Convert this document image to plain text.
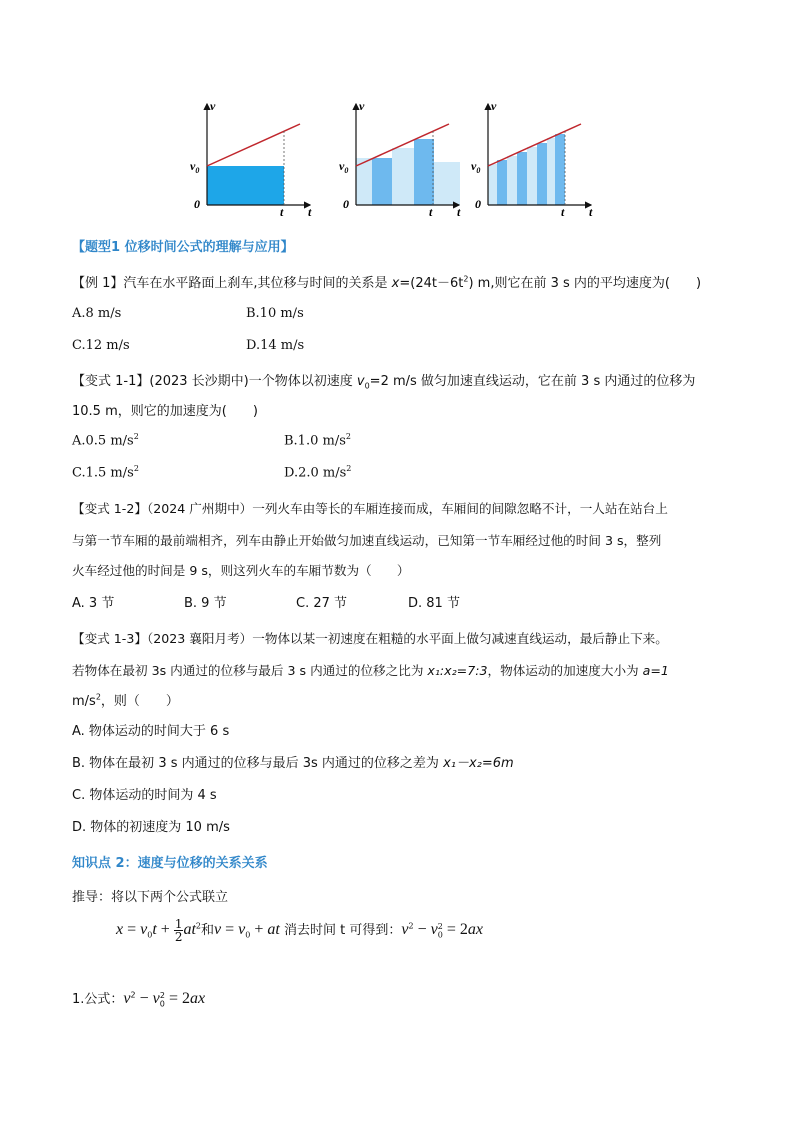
v
$v_0$
0
t t
v
$v_0$
0
t t
v
$v_0$
0
t t
【题型1 位移时间公式的理解与应用】
【例 1】汽车在水平路面上刹车,其位移与时间的关系是 $x=(24t-6t^2)$ m,则它在前 3 s 内的平均速度为(　　)
A.8 m/s	B.10 m/s
C.12 m/s	D.14 m/s
【变式 1-1】(2023 长沙期中)一个物体以初速度 $v_0=2$ m/s 做匀加速直线运动，它在前 3 s 内通过的位移为
10.5 m，则它的加速度为(　　)
A.0.5 $m/s^2$	B.1.0 $m/s^2$
C.1.5 $m/s^2$	D.2.0 $m/s^2$
【变式 1-2】（2024 广州期中）一列火车由等长的车厢连接而成，车厢间的间隙忽略不计，一人站在站台上
与第一节车厢的最前端相齐，列车由静止开始做匀加速直线运动，已知第一节车厢经过他的时间 3 s，整列
火车经过他的时间是 9 s，则这列火车的车厢节数为（　　）
A. 3 节	B. 9 节	C. 27 节	D. 81 节
【变式 1-3】（2023 襄阳月考）一物体以某一初速度在粗糙的水平面上做匀减速直线运动，最后静止下来。
若物体在最初 3s 内通过的位移与最后 3 s 内通过的位移之比为 x₁:x₂=7:3，物体运动的加速度大小为 a=1
$m/s^2$，则（　　）
A. 物体运动的时间大于 6 s
B. 物体在最初 3 s 内通过的位移与最后 3s 内通过的位移之差为 x₁－x₂=6m
C. 物体运动的时间为 4 s
D. 物体的初速度为 10 m/s
知识点 2：速度与位移的关系关系
推导：将以下两个公式联立
$x = v_0t + \frac{1}{2} at^2$和$v = v_0$ + at 消去时间 t 可得到：$v^2 - v_0^2 = 2ax$
1.公式：$v^2 - v_0^2 = 2ax$
